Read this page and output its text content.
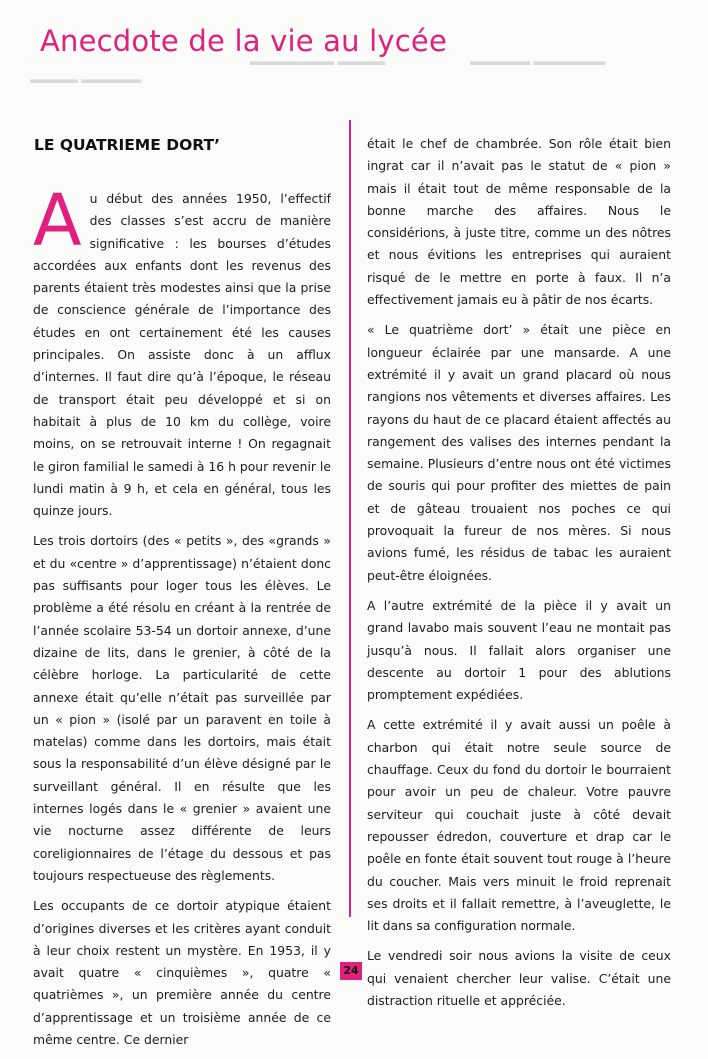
▬▬▬▬ ▬▬▬▬▬
▬▬▬▬▬▬▬ ▬▬▬▬	▬▬▬▬▬ ▬▬▬▬▬▬
Anecdote de la vie au lycée
LE QUATRIEME DORT’

Au début des années 1950, l’effectif des classes s’est accru de manière significative : les bourses d’études accordées aux enfants dont les revenus des parents étaient très modestes ainsi que la prise de conscience générale de l’importance des études en ont certainement été les causes principales. On assiste donc à un afflux d’internes. Il faut dire qu’à l’époque, le réseau de transport était peu développé et si on habitait à plus de 10 km du collège, voire moins, on se retrouvait interne ! On regagnait le giron familial le samedi à 16 h pour revenir le lundi matin à 9 h, et cela en général, tous les quinze jours.

Les trois dortoirs (des « petits », des «grands » et du «centre » d’apprentissage) n’étaient donc pas suffisants pour loger tous les élèves. Le problème a été résolu en créant à la rentrée de l’année scolaire 53-54 un dortoir annexe, d’une dizaine de lits, dans le grenier, à côté de la célèbre horloge. La particularité de cette annexe était qu’elle n’était pas surveillée par un « pion » (isolé par un paravent en toile à matelas) comme dans les dortoirs, mais était sous la responsabilité d’un élève désigné par le surveillant général. Il en résulte que les internes logés dans le « grenier » avaient une vie nocturne assez différente de leurs coreligionnaires de l’étage du dessous et pas toujours respectueuse des règlements.

Les occupants de ce dortoir atypique étaient d’origines diverses et les critères ayant conduit à leur choix restent un mystère. En 1953, il y avait quatre « cinquièmes », quatre « quatrièmes », un première année du centre d’apprentissage et un troisième année de ce même centre. Ce dernier

était le chef de chambrée. Son rôle était bien ingrat car il n’avait pas le statut de « pion » mais il était tout de même responsable de la bonne marche des affaires. Nous le considérions, à juste titre, comme un des nôtres et nous évitions les entreprises qui auraient risqué de le mettre en porte à faux. Il n’a effectivement jamais eu à pâtir de nos écarts.

« Le quatrième dort’ » était une pièce en longueur éclairée par une mansarde. A une extrémité il y avait un grand placard où nous rangions nos vêtements et diverses affaires. Les rayons du haut de ce placard étaient affectés au rangement des valises des internes pendant la semaine. Plusieurs d’entre nous ont été victimes de souris qui pour profiter des miettes de pain et de gâteau trouaient nos poches ce qui provoquait la fureur de nos mères. Si nous avions fumé, les résidus de tabac les auraient peut-être éloignées.

A l’autre extrémité de la pièce il y avait un grand lavabo mais souvent l’eau ne montait pas jusqu’à nous. Il fallait alors organiser une descente au dortoir 1 pour des ablutions promptement expédiées.

A cette extrémité il y avait aussi un poêle à charbon qui était notre seule source de chauffage. Ceux du fond du dortoir le bourraient pour avoir un peu de chaleur. Votre pauvre serviteur qui couchait juste à côté devait repousser édredon, couverture et drap car le poêle en fonte était souvent tout rouge à l’heure du coucher. Mais vers minuit le froid reprenait ses droits et il fallait remettre, à l’aveuglette, le lit dans sa configuration normale.

Le vendredi soir nous avions la visite de ceux qui venaient chercher leur valise. C’était une distraction rituelle et appréciée.

24
